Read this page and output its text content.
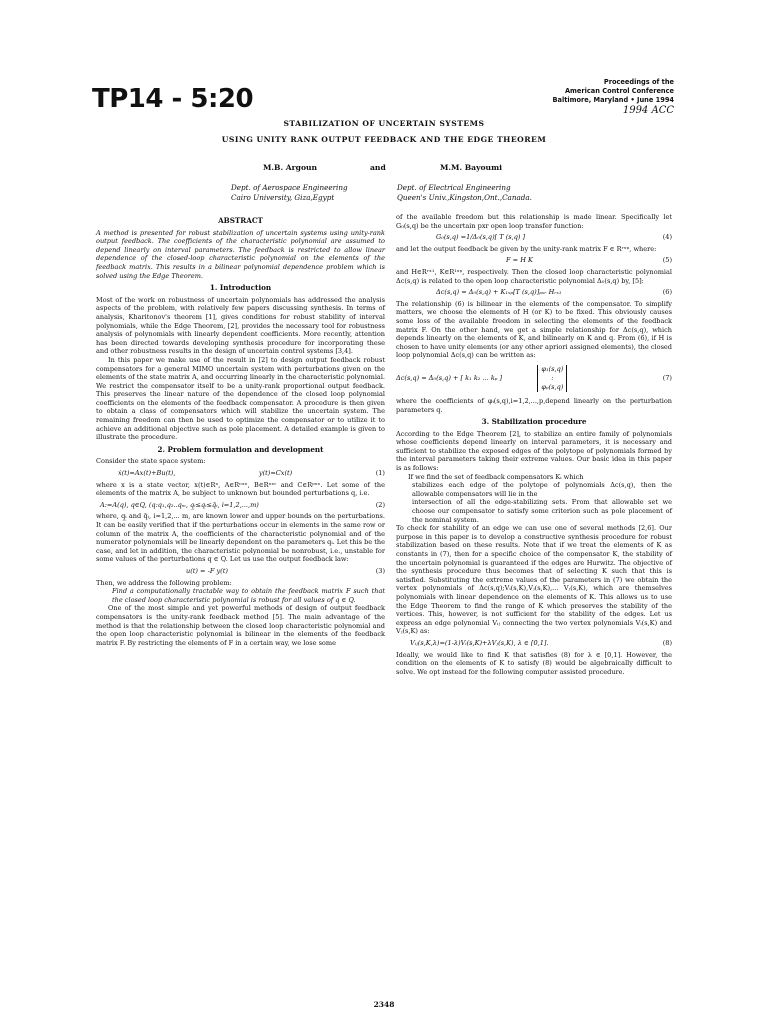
TP14 - 5:20
Proceedings of the
American Control Conference
Baltimore, Maryland • June 1994
1994 ACC
STABILIZATION OF UNCERTAIN SYSTEMS
USING UNITY RANK OUTPUT FEEDBACK AND THE EDGE THEOREM
M.B. Argoun	and	M.M. Bayoumi
Dept. of Aerospace Engineering
Cairo University, Giza,Egypt
Dept. of Electrical Engineering
Queen's Univ.,Kingston,Ont.,Canada.
ABSTRACT

A method is presented for robust stabilization of uncertain systems using unity-rank output feedback. The coefficients of the characteristic polynomial are assumed to depend linearly on interval parameters. The feedback is restricted to allow linear dependence of the closed-loop characteristic polynomial on the elements of the feedback matrix. This results in a bilinear polynomial dependence problem which is solved using the Edge Theorem.

1. Introduction

Most of the work on robustness of uncertain polynomials has addressed the analysis aspects of the problem, with relatively few papers discussing synthesis. In terms of analysis, Kharitonov's theorem [1], gives conditions for robust stability of interval polynomials, while the Edge Theorem, [2], provides the necessary tool for robustness analysis of polynomials with linearly dependent coefficients. More recently, attention has been directed towards developing synthesis procedure for incorporating these and other robustness results in the design of uncertain control systems [3,4].

In this paper we make use of the result in [2] to design output feedback robust compensators for a general MIMO uncertain system with perturbations given on the elements of the state matrix A, and occurring linearly in the characteristic polynomial. We restrict the compensator itself to be a unity-rank proportional output feedback. This preserves the linear nature of the dependence of the closed loop polynomial coefficients on the elements of the feedback compensator. A procedure is then given to obtain a class of compensators which will stabilize the uncertain system. The remaining freedom can then be used to optimize the compensator or to utilize it to achieve an additional objective such as pole placement. A detailed example is given to illustrate the procedure.

2. Problem formulation and development

Consider the state space system:

ẋ(t)=Ax(t)+Bu(t),	y(t)=Cx(t)	(1)

where x is a state vector, x(t)∈Rⁿ, A∈Rⁿˣⁿ, B∈Rⁿˣʳ and C∈Rᵖˣⁿ. Let some of the elements of the matrix A, be subject to unknown but bounded perturbations q, i.e.

A:=A(q), q∈Q, (q:q₁,q₂..qₘ, q̲ᵢ≤qᵢ≤q̄ᵢ, i=1,2,...,m)	(2)

where, q̲ᵢ and q̄ᵢ, i=1,2,... m, are known lower and upper bounds on the perturbations. It can be easily verified that if the perturbations occur in elements in the same row or column of the matrix A, the coefficients of the characteristic polynomial and of the numerator polynomials will be linearly dependent on the parameters qᵢ. Let this be the case, and let in addition, the characteristic polynomial be nonrobust, i.e., unstable for some values of the perturbations q ∈ Q. Let us use the output feedback law:

u(t) = -F y(t)	(3)

Then, we address the following problem:

Find a computationally tractable way to obtain the feedback matrix F such that the closed loop characteristic polynomial is robust for all values of q ∈ Q.

One of the most simple and yet powerful methods of design of output feedback compensators is the unity-rank feedback method [5]. The main advantage of the method is that the relationship between the closed loop characteristic polynomial and the open loop characteristic polynomial is bilinear in the elements of the feedback matrix F. By restricting the elements of F in a certain way, we lose some

of the available freedom but this relationship is made linear. Specifically let G₀(s,q) be the uncertain pxr open loop transfer function:

G₀(s,q) =1/Δ₀(s,q)[ T (s,q) ]	(4)

and let the output feedback be given by the unity-rank matrix F ∈ Rʳˣᵖ, where:

F = H K	(5)

and H∈Rʳˣ¹, K∈R¹ˣᵖ, respectively. Then the closed loop characteristic polynomial Δc(s,q) is related to the open loop characteristic polynomial Δ₀(s,q) by, [5]:

Δc(s,q) = Δ₀(s,q) + K₁ₓₚ[T (s,q)]ₚₓᵣ Hᵣₓ₁	(6)

The relationship (6) is bilinear in the elements of the compensator. To simplify matters, we choose the elements of H (or K) to be fixed. This obviously causes some loss of the available freedom in selecting the elements of the feedback matrix F. On the other hand, we get a simple relationship for Δc(s,q), which depends linearly on the elements of K, and bilinearly on K and q. From (6), if H is chosen to have unity elements (or any other apriori assigned elements), the closed loop polynomial Δc(s,q) can be written as:

Δc(s,q) = Δ₀(s,q) + [ k₁ k₂ ... kₚ ]
φ₁(s,q)
:
φₚ(s,q)
(7)

where the coefficients of φᵢ(s,q),i=1,2,...,p,depend linearly on the perturbation parameters q.

3. Stabilization procedure

According to the Edge Theorem [2], to stabilize an entire family of polynomials whose coefficients depend linearly on interval parameters, it is necessary and sufficient to stabilize the exposed edges of the polytope of polynomials formed by the interval parameters taking their extreme values. Our basic idea in this paper is as follows:

If we find the set of feedback compensators Kᵢ which

stabilizes each edge of the polytope of polynomials Δc(s,q), then the allowable compensators will lie in the

intersection of all the edge-stabilizing sets. From that allowable set we choose our compensator to satisfy some criterion such as pole placement of the nominal system.

To check for stability of an edge we can use one of several methods [2,6]. Our purpose in this paper is to develop a constructive synthesis procedure for robust stabilization based on these results. Note that if we treat the elements of K as constants in (7), then for a specific choice of the compensator K, the stability of the uncertain polynomial is guaranteed if the edges are Hurwitz. The objective of the synthesis procedure thus becomes that of selecting K such that this is satisfied. Substituting the extreme values of the parameters in (7) we obtain the vertex polynomials of Δc(s,q);Vᵢ(s,K),Vⱼ(s,K),... Vⱼ(s,K), which are themselves polynomials with linear dependence on the elements of K. This allows us to use the Edge Theorem to find the range of K which preserves the stability of the vertices. This, however, is not sufficient for the stability of the edges. Let us express an edge polynomial Vᵢⱼ connecting the two vertex polynomials Vᵢ(s,K) and Vⱼ(s,K) as:

Vᵢⱼ(s,K,λ)=(1-λ)Vᵢ(s,K)+λVⱼ(s,K), λ ∈ [0,1].	(8)

Ideally, we would like to find K that satisfies (8) for λ ∈ [0,1]. However, the condition on the elements of K to satisfy (8) would be algebraically difficult to solve. We opt instead for the following computer assisted procedure.

2348
